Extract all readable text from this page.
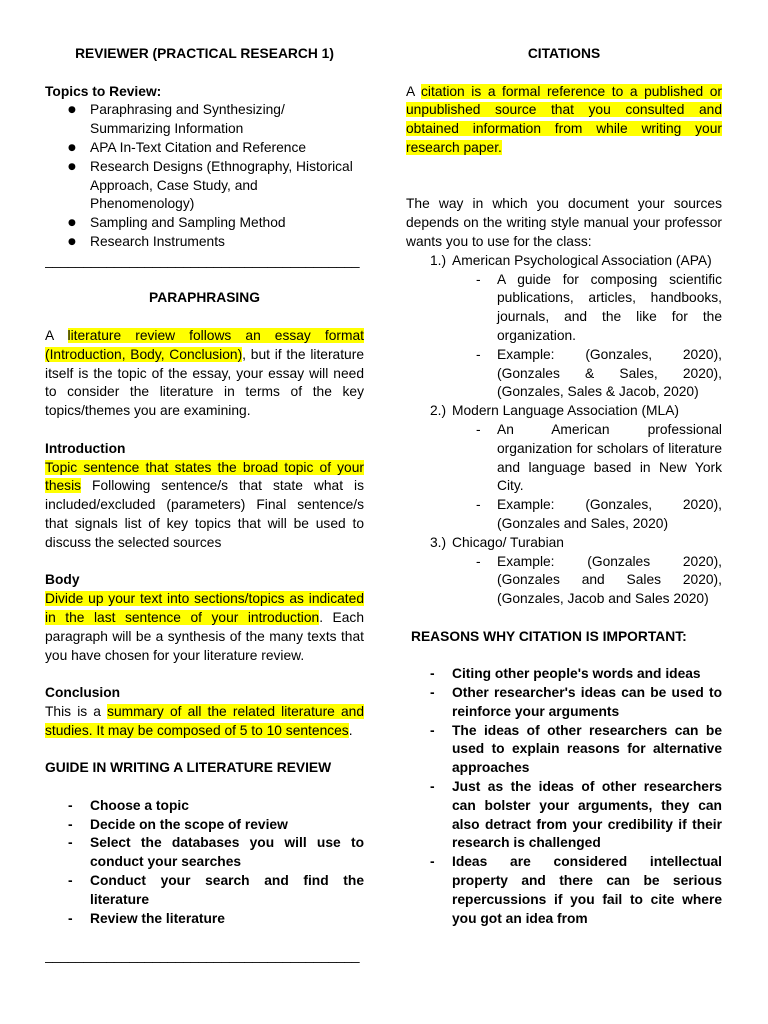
REVIEWER (PRACTICAL RESEARCH 1)
Topics to Review:
●	Paraphrasing and Synthesizing/ Summarizing Information
●	APA In-Text Citation and Reference
●	Research Designs (Ethnography, Historical Approach, Case Study, and Phenomenology)
●	Sampling and Sampling Method
●	Research Instruments
_________________________________________
PARAPHRASING

A literature review follows an essay format (Introduction, Body, Conclusion), but if the literature itself is the topic of the essay, your essay will need to consider the literature in terms of the key topics/themes you are examining.

Introduction

Topic sentence that states the broad topic of your thesis Following sentence/s that state what is included/excluded (parameters) Final sentence/s that signals list of key topics that will be used to discuss the selected sources

Body

Divide up your text into sections/topics as indicated in the last sentence of your introduction. Each paragraph will be a synthesis of the many texts that you have chosen for your literature review.

Conclusion

This is a summary of all the related literature and studies. It may be composed of 5 to 10 sentences.

GUIDE IN WRITING A LITERATURE REVIEW
-	Choose a topic
-	Decide on the scope of review
-	Select the databases you will use to conduct your searches
-	Conduct your search and find the literature
-	Review the literature
_________________________________________
CITATIONS

A citation is a formal reference to a published or unpublished source that you consulted and obtained information from while writing your research paper.

The way in which you document your sources depends on the writing style manual your professor wants you to use for the class:

1.) American Psychological Association (APA)
-	A guide for composing scientific publications, articles, handbooks, journals, and the like for the organization.
-	Example: (Gonzales, 2020), (Gonzales & Sales, 2020), (Gonzales, Sales & Jacob, 2020)
2.) Modern Language Association (MLA)
-	An American professional organization for scholars of literature and language based in New York City.
-	Example: (Gonzales, 2020), (Gonzales and Sales, 2020)
3.) Chicago/ Turabian
-	Example: (Gonzales 2020), (Gonzales and Sales 2020), (Gonzales, Jacob and Sales 2020)
REASONS WHY CITATION IS IMPORTANT:
-	Citing other people's words and ideas
-	Other researcher's ideas can be used to reinforce your arguments
-	The ideas of other researchers can be used to explain reasons for alternative approaches
-	Just as the ideas of other researchers can bolster your arguments, they can also detract from your credibility if their research is challenged
-	Ideas are considered intellectual property and there can be serious repercussions if you fail to cite where you got an idea from
